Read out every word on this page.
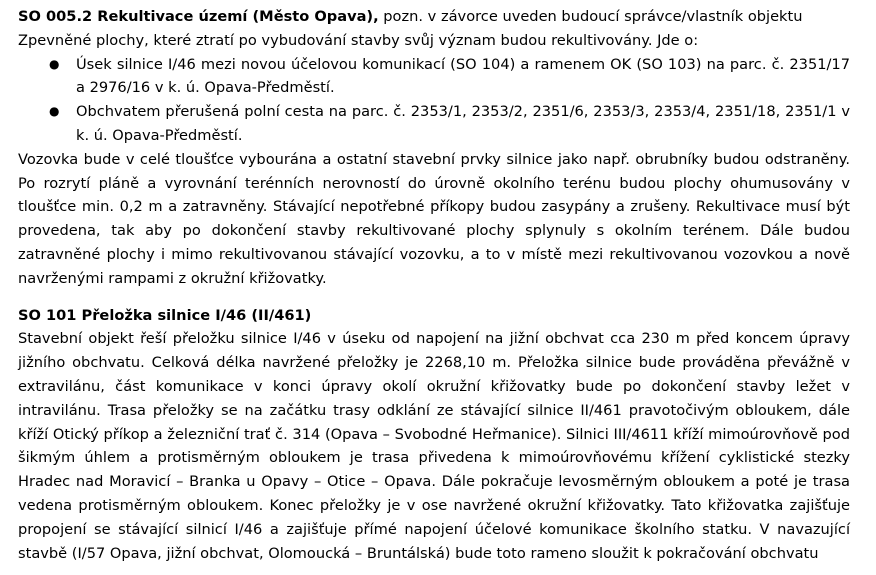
SO 005.2 Rekultivace území (Město Opava), pozn. v závorce uveden budoucí správce/vlastník objektu

Zpevněné plochy, které ztratí po vybudování stavby svůj význam budou rekultivovány. Jde o:

● Úsek silnice I/46 mezi novou účelovou komunikací (SO 104) a ramenem OK (SO 103) na parc. č. 2351/17 a 2976/16 v k. ú. Opava-Předměstí.
● Obchvatem přerušená polní cesta na parc. č. 2353/1, 2353/2, 2351/6, 2353/3, 2353/4, 2351/18, 2351/1 v k. ú. Opava-Předměstí.

Vozovka bude v celé tloušťce vybourána a ostatní stavební prvky silnice jako např. obrubníky budou odstraněny. Po rozrytí pláně a vyrovnání terénních nerovností do úrovně okolního terénu budou plochy ohumusovány v tloušťce min. 0,2 m a zatravněny. Stávající nepotřebné příkopy budou zasypány a zrušeny. Rekultivace musí být provedena, tak aby po dokončení stavby rekultivované plochy splynuly s okolním terénem. Dále budou zatravněné plochy i mimo rekultivovanou stávající vozovku, a to v místě mezi rekultivovanou vozovkou a nově navrženými rampami z okružní křižovatky.

SO 101 Přeložka silnice I/46 (II/461)

Stavební objekt řeší přeložku silnice I/46 v úseku od napojení na jižní obchvat cca 230 m před koncem úpravy jižního obchvatu. Celková délka navržené přeložky je 2268,10 m. Přeložka silnice bude prováděna převážně v extravilánu, část komunikace v konci úpravy okolí okružní křižovatky bude po dokončení stavby ležet v intravilánu. Trasa přeložky se na začátku trasy odklání ze stávající silnice II/461 pravotočivým obloukem, dále kříží Otický příkop a železniční trať č. 314 (Opava – Svobodné Heřmanice). Silnici III/4611 kříží mimoúrovňově pod šikmým úhlem a protisměrným obloukem je trasa přivedena k mimoúrovňovému křížení cyklistické stezky Hradec nad Moravicí – Branka u Opavy – Otice – Opava. Dále pokračuje levosměrným obloukem a poté je trasa vedena protisměrným obloukem. Konec přeložky je v ose navržené okružní křižovatky. Tato křižovatka zajišťuje propojení se stávající silnicí I/46 a zajišťuje přímé napojení účelové komunikace školního statku. V navazující stavbě (I/57 Opava, jižní obchvat, Olomoucká – Bruntálská) bude toto rameno sloužit k pokračování obchvatu
